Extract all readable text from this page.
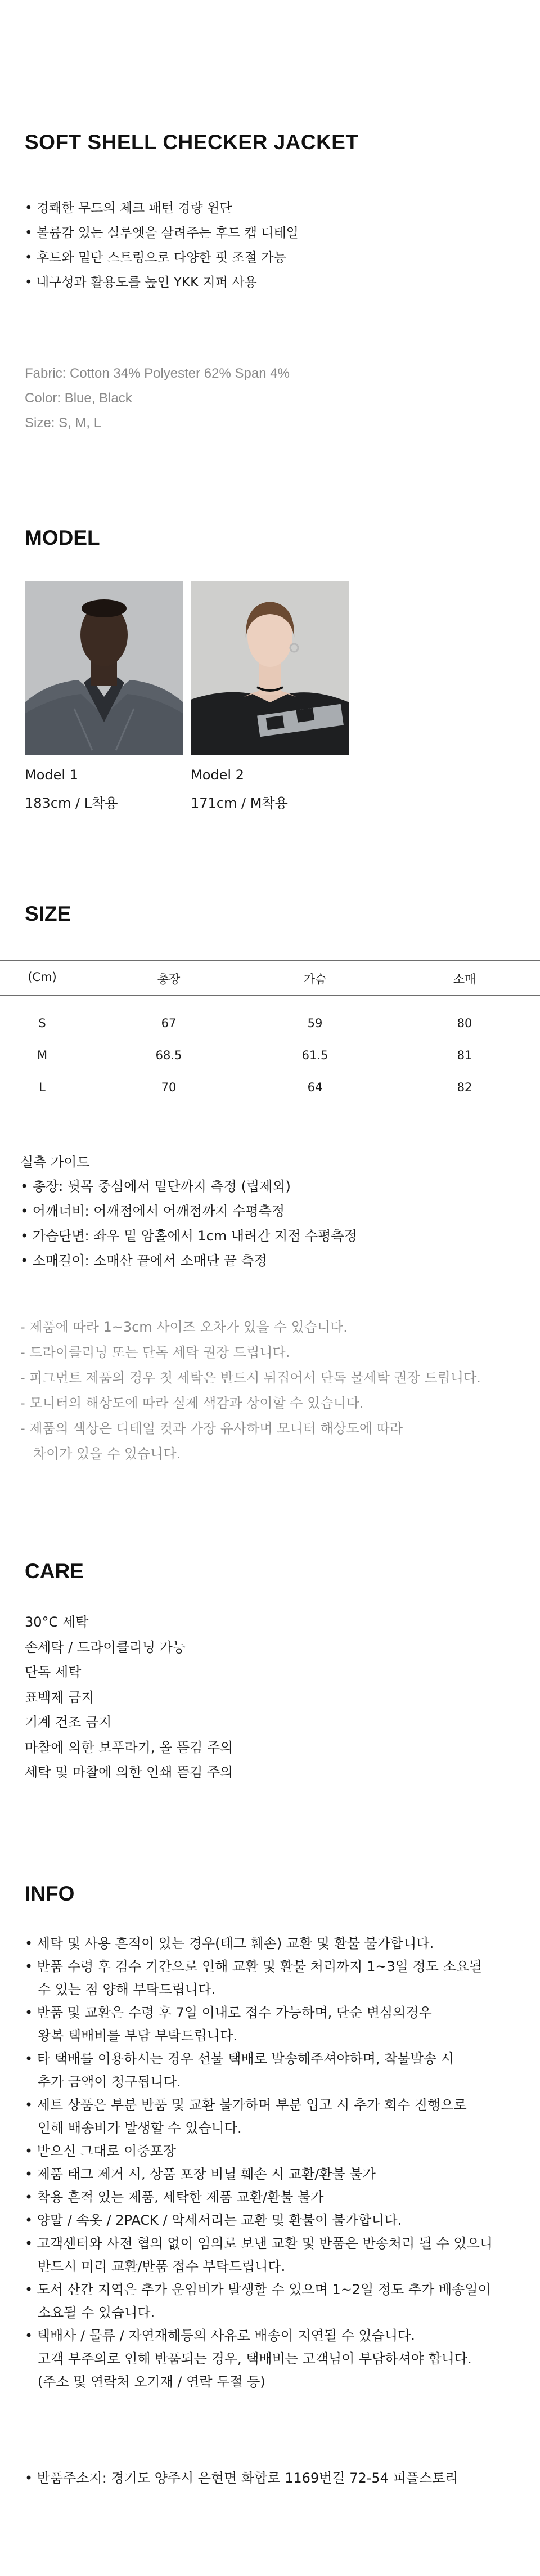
SOFT SHELL CHECKER JACKET
• 경쾌한 무드의 체크 패턴 경량 윈단
• 볼륨감 있는 실루엣을 살려주는 후드 캡 디테일
• 후드와 밑단 스트링으로 다양한 핏 조절 가능
• 내구성과 활용도를 높인 YKK 지퍼 사용
Fabric: Cotton 34% Polyester 62% Span 4%
Color: Blue, Black
Size: S, M, L
MODEL
Model 1
183cm / L착용
Model 2
171cm / M착용
SIZE
(Cm)	총장	가슴	소매
S	67	59	80
M	68.5	61.5	81
L	70	64	82
실측 가이드
• 총장: 뒷목 중심에서 밑단까지 측정 (립제외)
• 어깨너비: 어깨점에서 어깨점까지 수평측정
• 가슴단면: 좌우 밑 암홀에서 1cm 내려간 지점 수평측정
• 소매길이: 소매산 끝에서 소매단 끝 측정
- 제품에 따라 1~3cm 사이즈 오차가 있을 수 있습니다.
- 드라이클리닝 또는 단독 세탁 권장 드립니다.
- 피그먼트 제품의 경우 첫 세탁은 반드시 뒤집어서 단독 물세탁 권장 드립니다.
- 모니터의 해상도에 따라 실제 색감과 상이할 수 있습니다.
- 제품의 색상은 디테일 컷과 가장 유사하며 모니터 해상도에 따라
차이가 있을 수 있습니다.
CARE
30°C 세탁
손세탁 / 드라이클리닝 가능
단독 세탁
표백제 금지
기계 건조 금지
마찰에 의한 보푸라기, 올 뜯김 주의
세탁 및 마찰에 의한 인쇄 뜯김 주의
INFO
• 세탁 및 사용 흔적이 있는 경우(태그 훼손) 교환 및 환불 불가합니다.
• 반품 수령 후 검수 기간으로 인해 교환 및 환불 처리까지 1~3일 정도 소요될
수 있는 점 양해 부탁드립니다.
• 반품 및 교환은 수령 후 7일 이내로 접수 가능하며, 단순 변심의경우
왕복 택배비를 부담 부탁드립니다.
• 타 택배를 이용하시는 경우 선불 택배로 발송해주셔야하며, 착불발송 시
추가 금액이 청구됩니다.
• 세트 상품은 부분 반품 및 교환 불가하며 부분 입고 시 추가 회수 진행으로
인해 배송비가 발생할 수 있습니다.
• 받으신 그대로 이중포장
• 제품 태그 제거 시, 상품 포장 비닐 훼손 시 교환/환불 불가
• 착용 흔적 있는 제품, 세탁한 제품 교환/환불 불가
• 양말 / 속옷 / 2PACK / 악세서리는 교환 및 환불이 불가합니다.
• 고객센터와 사전 협의 없이 임의로 보낸 교환 및 반품은 반송처리 될 수 있으니
반드시 미리 교환/반품 접수 부탁드립니다.
• 도서 산간 지역은 추가 운임비가 발생할 수 있으며 1~2일 정도 추가 배송일이
소요될 수 있습니다.
• 택배사 / 물류 / 자연재해등의 사유로 배송이 지연될 수 있습니다.
고객 부주의로 인해 반품되는 경우, 택배비는 고객님이 부담하셔야 합니다.
(주소 및 연락처 오기재 / 연락 두절 등)
• 반품주소지: 경기도 양주시 은현면 화합로 1169번길 72-54 피플스토리
